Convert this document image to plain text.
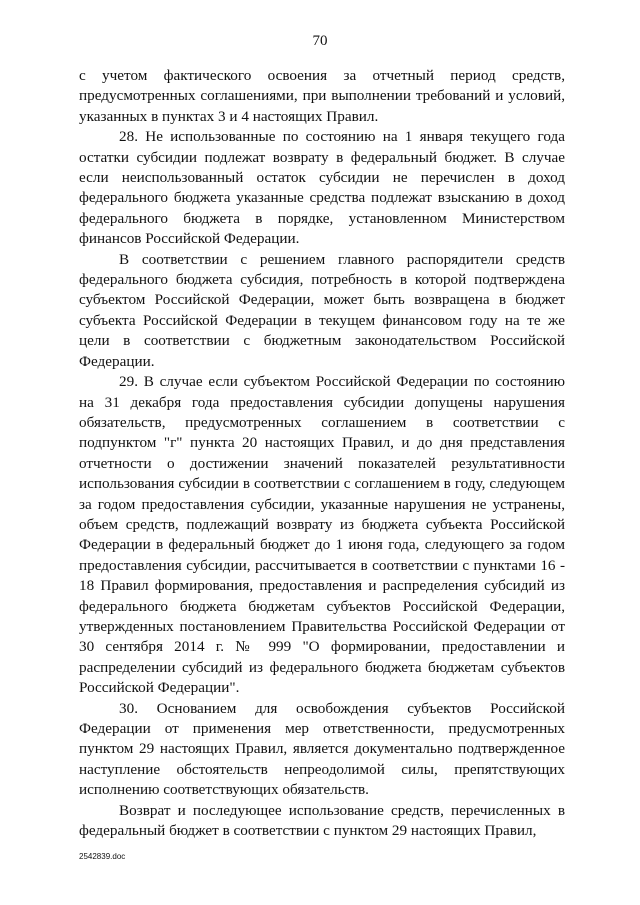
70

с учетом фактического освоения за отчетный период средств, предусмотренных соглашениями, при выполнении требований и условий, указанных в пунктах 3 и 4 настоящих Правил.

28. Не использованные по состоянию на 1 января текущего года остатки субсидии подлежат возврату в федеральный бюджет. В случае если неиспользованный остаток субсидии не перечислен в доход федерального бюджета указанные средства подлежат взысканию в доход федерального бюджета в порядке, установленном Министерством финансов Российской Федерации.

В соответствии с решением главного распорядители средств федерального бюджета субсидия, потребность в которой подтверждена субъектом Российской Федерации, может быть возвращена в бюджет субъекта Российской Федерации в текущем финансовом году на те же цели в соответствии с бюджетным законодательством Российской Федерации.

29. В случае если субъектом Российской Федерации по состоянию на 31 декабря года предоставления субсидии допущены нарушения обязательств, предусмотренных соглашением в соответствии с подпунктом "г" пункта 20 настоящих Правил, и до дня представления отчетности о достижении значений показателей результативности использования субсидии в соответствии с соглашением в году, следующем за годом предоставления субсидии, указанные нарушения не устранены, объем средств, подлежащий возврату из бюджета субъекта Российской Федерации в федеральный бюджет до 1 июня года, следующего за годом предоставления субсидии, рассчитывается в соответствии с пунктами 16 - 18 Правил формирования, предоставления и распределения субсидий из федерального бюджета бюджетам субъектов Российской Федерации, утвержденных постановлением Правительства Российской Федерации от 30 сентября 2014 г. № 999 "О формировании, предоставлении и распределении субсидий из федерального бюджета бюджетам субъектов Российской Федерации".

30. Основанием для освобождения субъектов Российской Федерации от применения мер ответственности, предусмотренных пунктом 29 настоящих Правил, является документально подтвержденное наступление обстоятельств непреодолимой силы, препятствующих исполнению соответствующих обязательств.

Возврат и последующее использование средств, перечисленных в федеральный бюджет в соответствии с пунктом 29 настоящих Правил,

2542839.doc
